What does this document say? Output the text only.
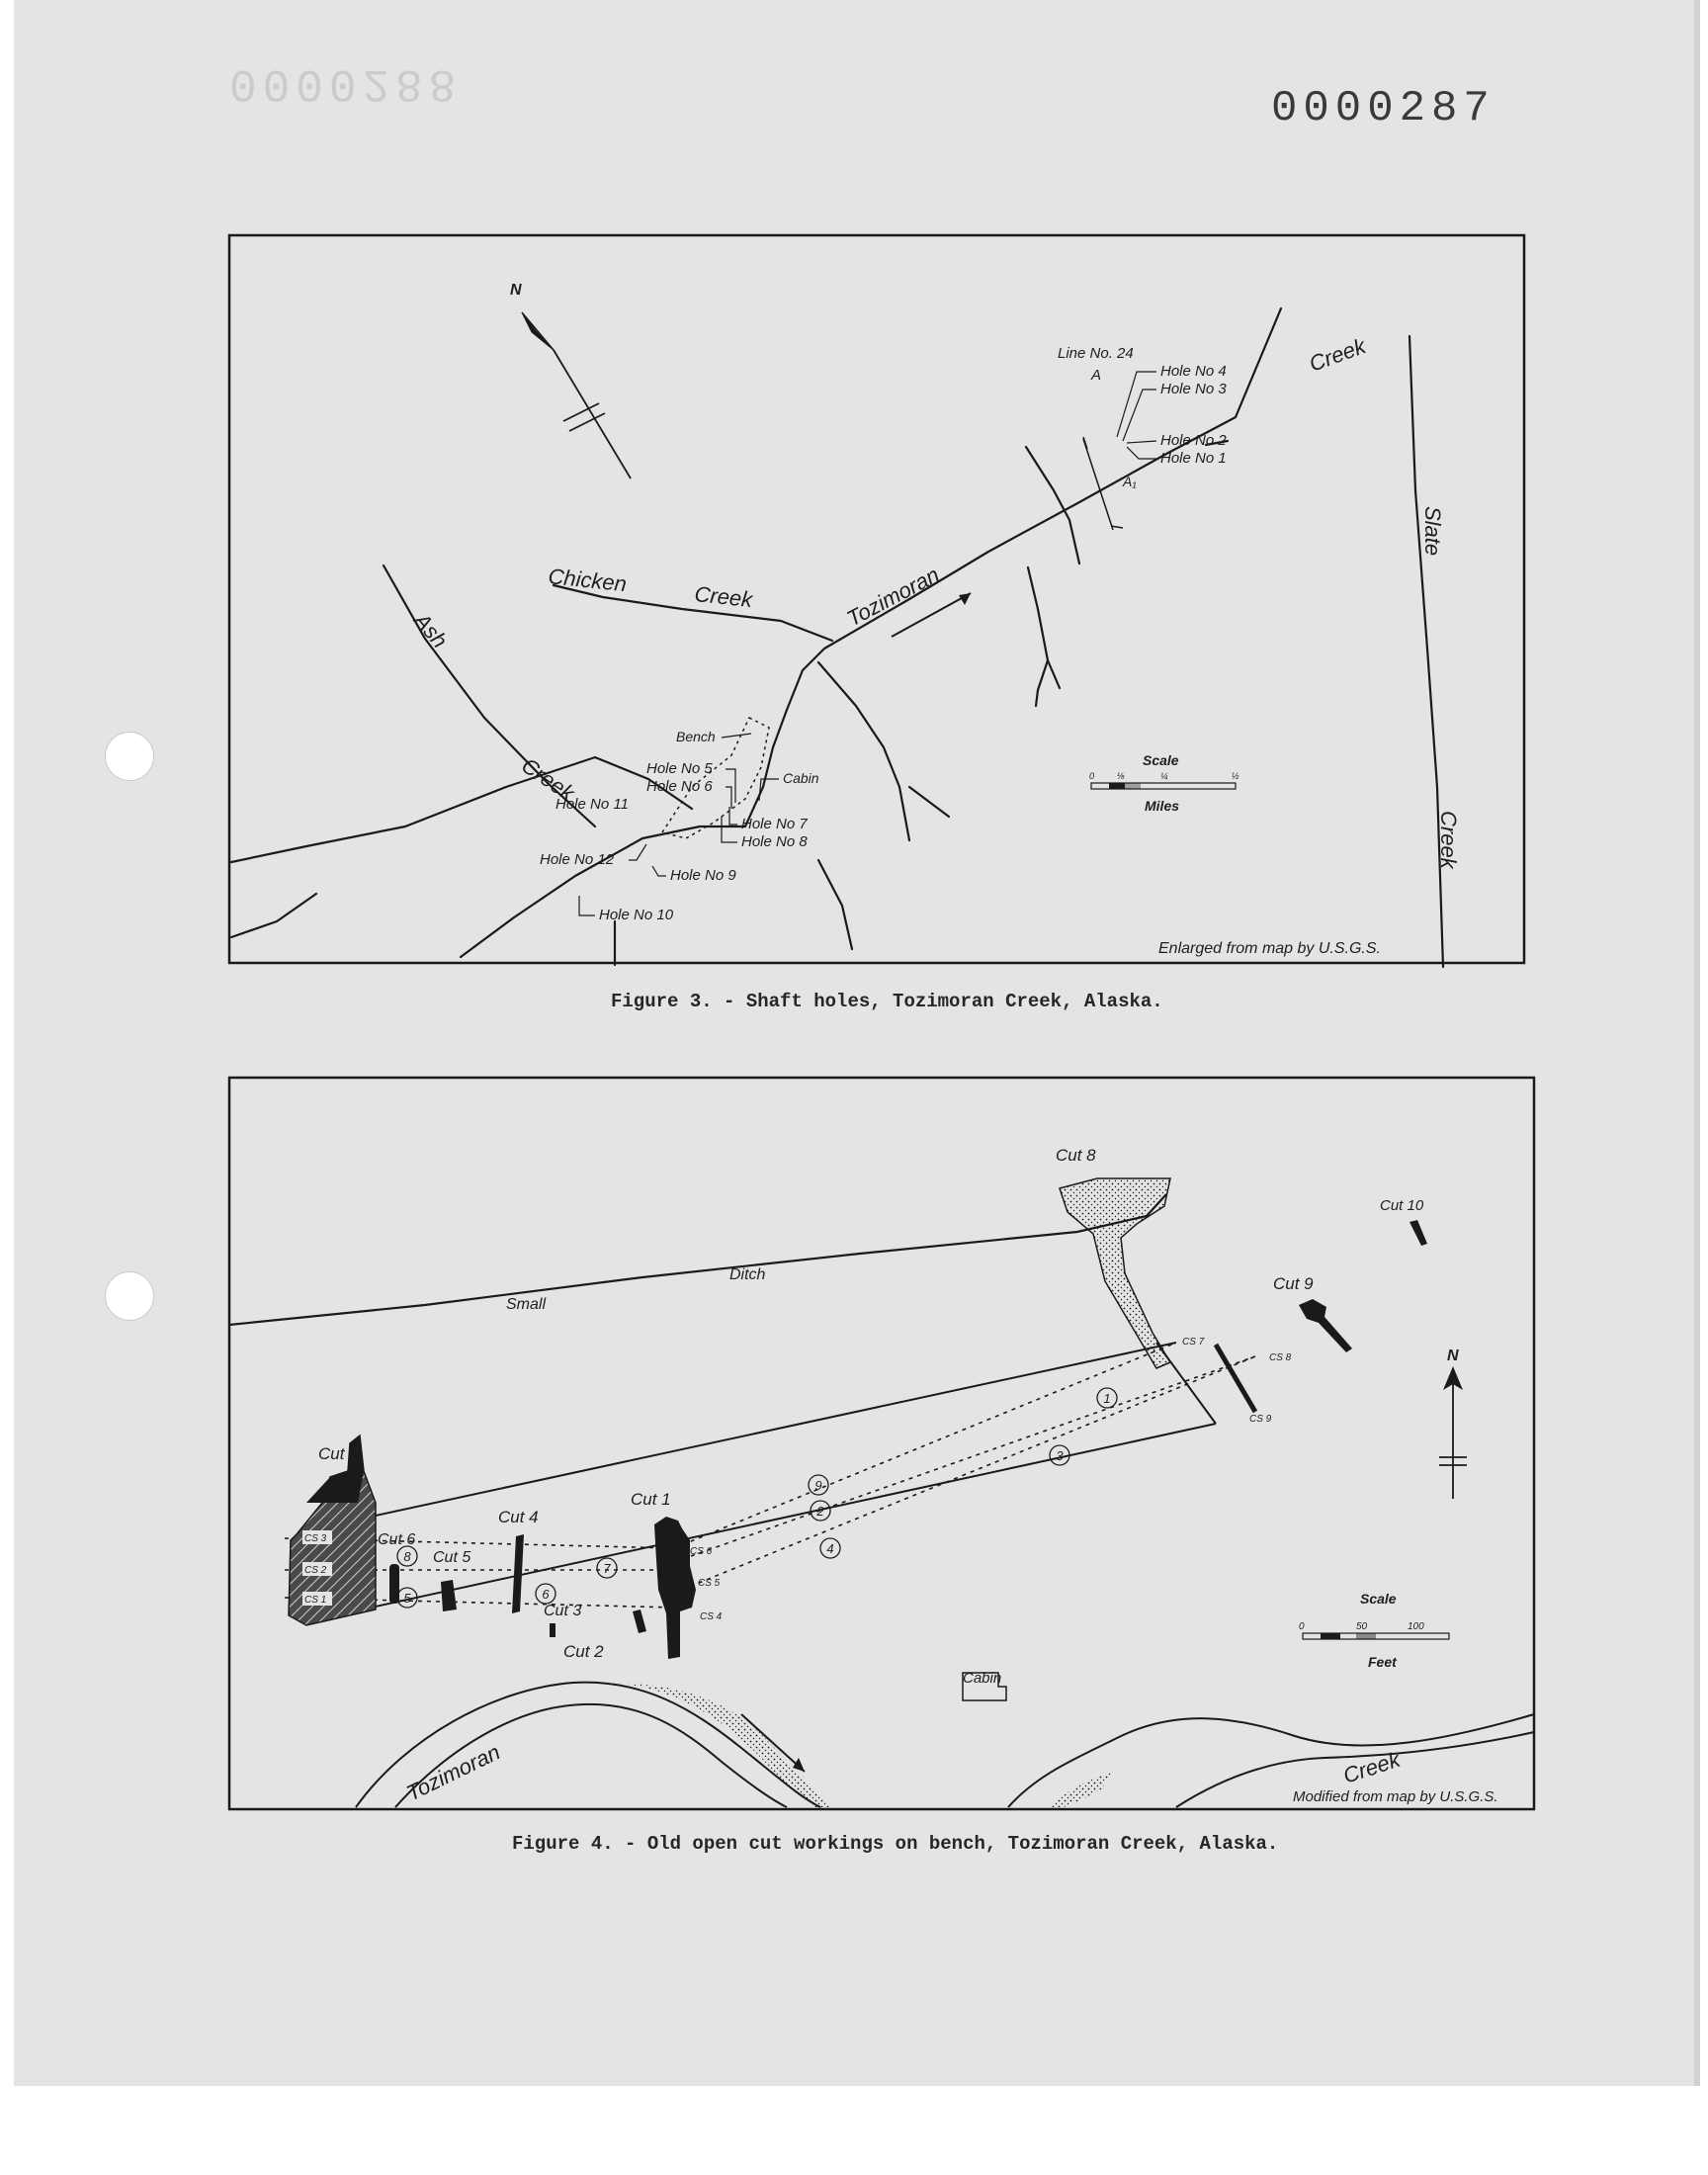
0000288	0000287
N
Tozimoran
Creek
Chicken
Creek
Ash
Creek
Slate
Creek
Line No. 24
A
A₁
Hole No 4
Hole No 3
Hole No 2
Hole No 1
Bench
Cabin
Hole No 5
Hole No 6
Hole No 7
Hole No 8
Hole No 11
Hole No 12
Hole No 9
Hole No 10
Scale
0	⅛	¼	½
Miles
Enlarged from map by U.S.G.S.
Figure 3. - Shaft holes, Tozimoran Creek, Alaska.
Small
Ditch
Cut 8
Cut 10
Cut 9
Cut 7
CS 3
CS 2
CS 1
Cut 6
Cut 5
Cut 4
Cut 2
Cut 3
Cut 1
CS 6
CS 5
CS 4
CS 7
CS 8
CS 9
1
2
3
4
5	6
7
8
9
Cabin
Tozimoran	Creek
N
Scale
0	50	100
Feet
Modified from map by U.S.G.S.
Figure 4. - Old open cut workings on bench, Tozimoran Creek, Alaska.
